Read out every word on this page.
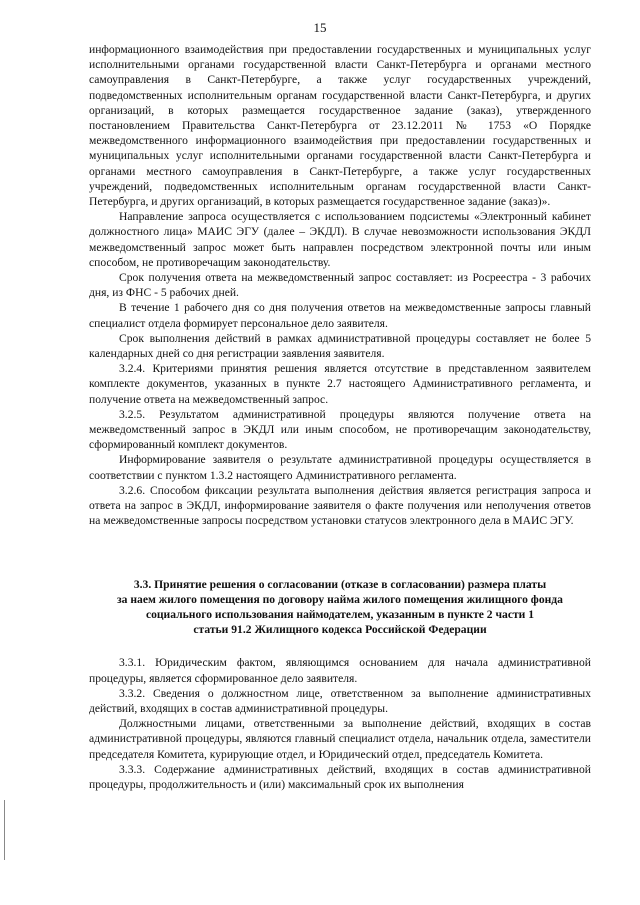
15

информационного взаимодействия при предоставлении государственных и муниципальных услуг исполнительными органами государственной власти Санкт-Петербурга и органами местного самоуправления в Санкт-Петербурге, а также услуг государственных учреждений, подведомственных исполнительным органам государственной власти Санкт-Петербурга, и других организаций, в которых размещается государственное задание (заказ), утвержденного постановлением Правительства Санкт-Петербурга от 23.12.2011 № 1753 «О Порядке межведомственного информационного взаимодействия при предоставлении государственных и муниципальных услуг исполнительными органами государственной власти Санкт-Петербурга и органами местного самоуправления в Санкт-Петербурге, а также услуг государственных учреждений, подведомственных исполнительным органам государственной власти Санкт-Петербурга, и других организаций, в которых размещается государственное задание (заказ)».

Направление запроса осуществляется с использованием подсистемы «Электронный кабинет должностного лица» МАИС ЭГУ (далее – ЭКДЛ). В случае невозможности использования ЭКДЛ межведомственный запрос может быть направлен посредством электронной почты или иным способом, не противоречащим законодательству.

Срок получения ответа на межведомственный запрос составляет: из Росреестра - 3 рабочих дня, из ФНС - 5 рабочих дней.

В течение 1 рабочего дня со дня получения ответов на межведомственные запросы главный специалист отдела формирует персональное дело заявителя.

Срок выполнения действий в рамках административной процедуры составляет не более 5 календарных дней со дня регистрации заявления заявителя.

3.2.4. Критериями принятия решения является отсутствие в представленном заявителем комплекте документов, указанных в пункте 2.7 настоящего Административного регламента, и получение ответа на межведомственный запрос.

3.2.5. Результатом административной процедуры являются получение ответа на межведомственный запрос в ЭКДЛ или иным способом, не противоречащим законодательству, сформированный комплект документов.

Информирование заявителя о результате административной процедуры осуществляется в соответствии с пунктом 1.3.2 настоящего Административного регламента.

3.2.6. Способом фиксации результата выполнения действия является регистрация запроса и ответа на запрос в ЭКДЛ, информирование заявителя о факте получения или неполучения ответов на межведомственные запросы посредством установки статусов электронного дела в МАИС ЭГУ.

3.3. Принятие решения о согласовании (отказе в согласовании) размера платы
за наем жилого помещения по договору найма жилого помещения жилищного фонда
социального использования наймодателем, указанным в пункте 2 части 1
статьи 91.2 Жилищного кодекса Российской Федерации

3.3.1. Юридическим фактом, являющимся основанием для начала административной процедуры, является сформированное дело заявителя.

3.3.2. Сведения о должностном лице, ответственном за выполнение административных действий, входящих в состав административной процедуры.

Должностными лицами, ответственными за выполнение действий, входящих в состав административной процедуры, являются главный специалист отдела, начальник отдела, заместители председателя Комитета, курирующие отдел, и Юридический отдел, председатель Комитета.

3.3.3. Содержание административных действий, входящих в состав административной процедуры, продолжительность и (или) максимальный срок их выполнения
